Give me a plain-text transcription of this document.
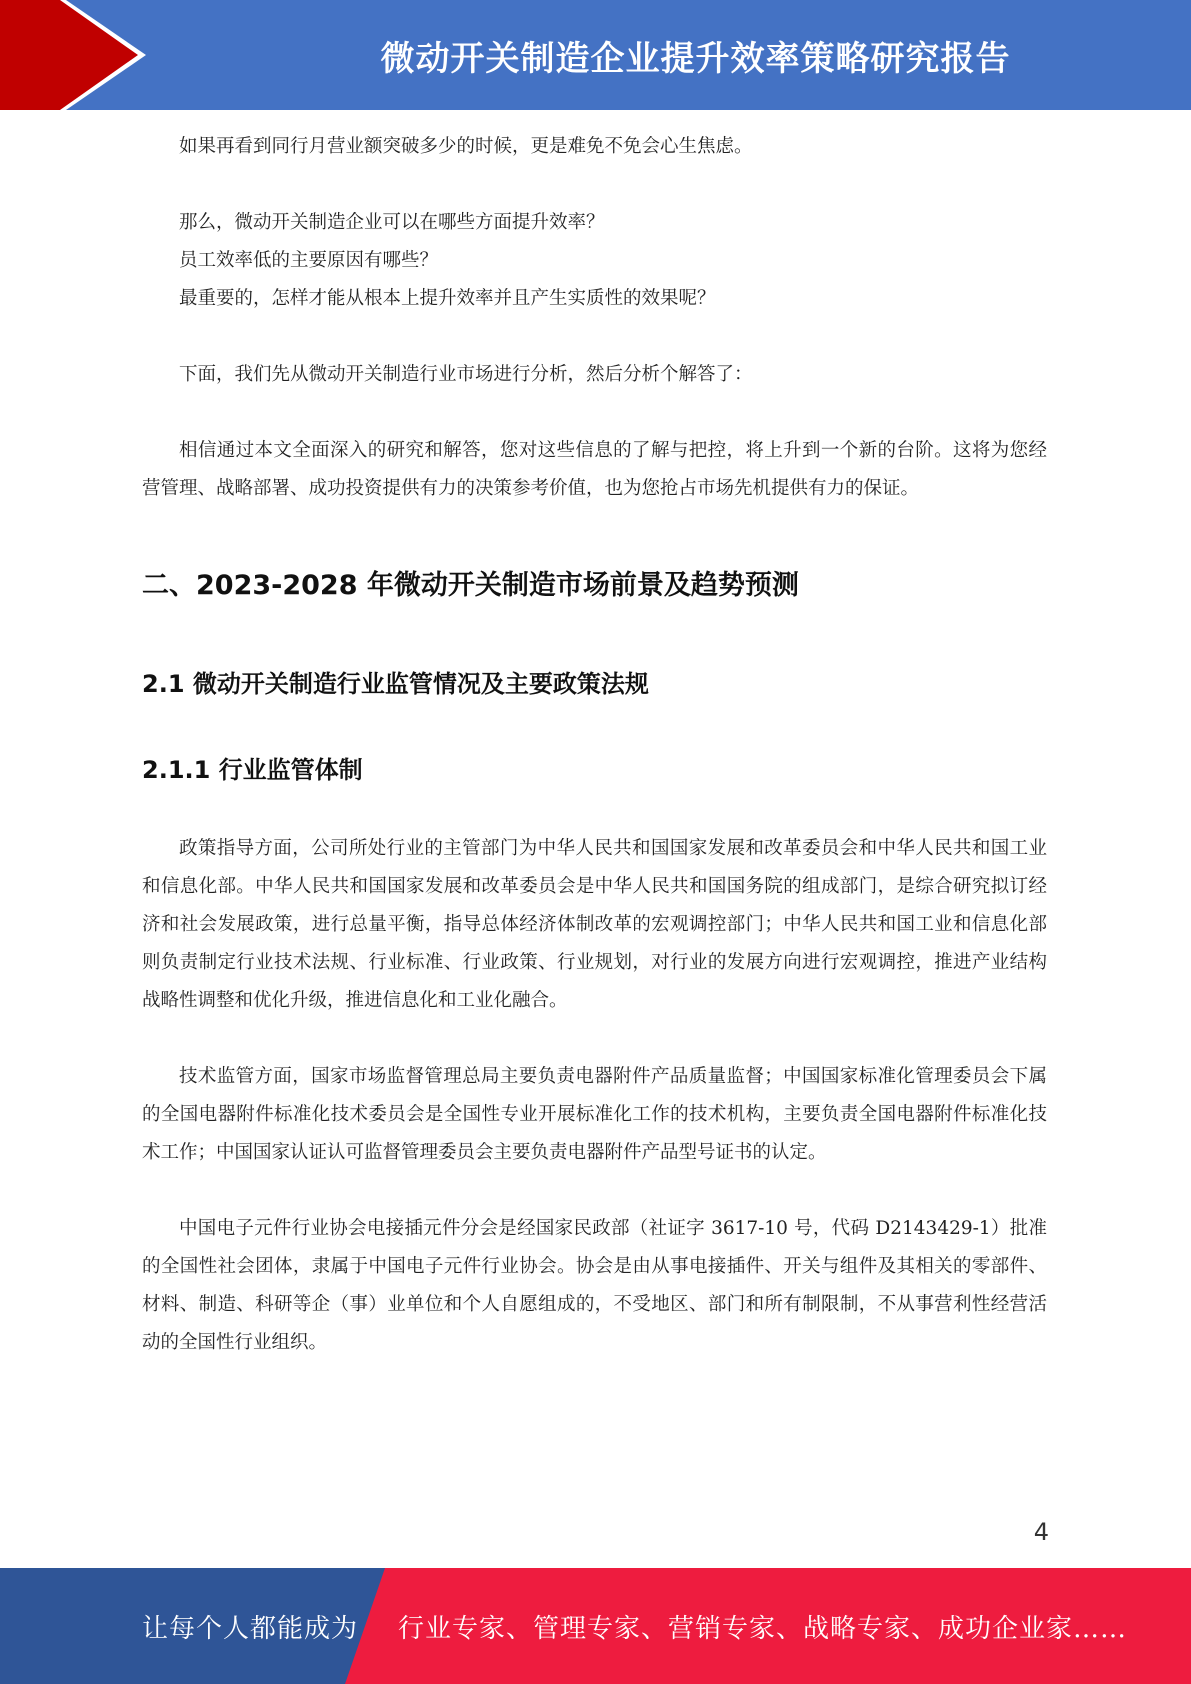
微动开关制造企业提升效率策略研究报告

如果再看到同行月营业额突破多少的时候，更是难免不免会心生焦虑。

那么，微动开关制造企业可以在哪些方面提升效率？

员工效率低的主要原因有哪些？

最重要的，怎样才能从根本上提升效率并且产生实质性的效果呢？

下面，我们先从微动开关制造行业市场进行分析，然后分析个解答了：

相信通过本文全面深入的研究和解答，您对这些信息的了解与把控，将上升到一个新的台阶。这将为您经营管理、战略部署、成功投资提供有力的决策参考价值，也为您抢占市场先机提供有力的保证。

二、2023-2028 年微动开关制造市场前景及趋势预测
2.1 微动开关制造行业监管情况及主要政策法规
2.1.1 行业监管体制

政策指导方面，公司所处行业的主管部门为中华人民共和国国家发展和改革委员会和中华人民共和国工业和信息化部。中华人民共和国国家发展和改革委员会是中华人民共和国国务院的组成部门，是综合研究拟订经济和社会发展政策，进行总量平衡，指导总体经济体制改革的宏观调控部门；中华人民共和国工业和信息化部则负责制定行业技术法规、行业标准、行业政策、行业规划，对行业的发展方向进行宏观调控，推进产业结构战略性调整和优化升级，推进信息化和工业化融合。

技术监管方面，国家市场监督管理总局主要负责电器附件产品质量监督；中国国家标准化管理委员会下属的全国电器附件标准化技术委员会是全国性专业开展标准化工作的技术机构，主要负责全国电器附件标准化技术工作；中国国家认证认可监督管理委员会主要负责电器附件产品型号证书的认定。

中国电子元件行业协会电接插元件分会是经国家民政部（社证字 3617-10 号，代码 D2143429-1）批准的全国性社会团体，隶属于中国电子元件行业协会。协会是由从事电接插件、开关与组件及其相关的零部件、材料、制造、科研等企（事）业单位和个人自愿组成的，不受地区、部门和所有制限制，不从事营利性经营活动的全国性行业组织。

4
让每个人都能成为 行业专家、管理专家、营销专家、战略专家、成功企业家……
